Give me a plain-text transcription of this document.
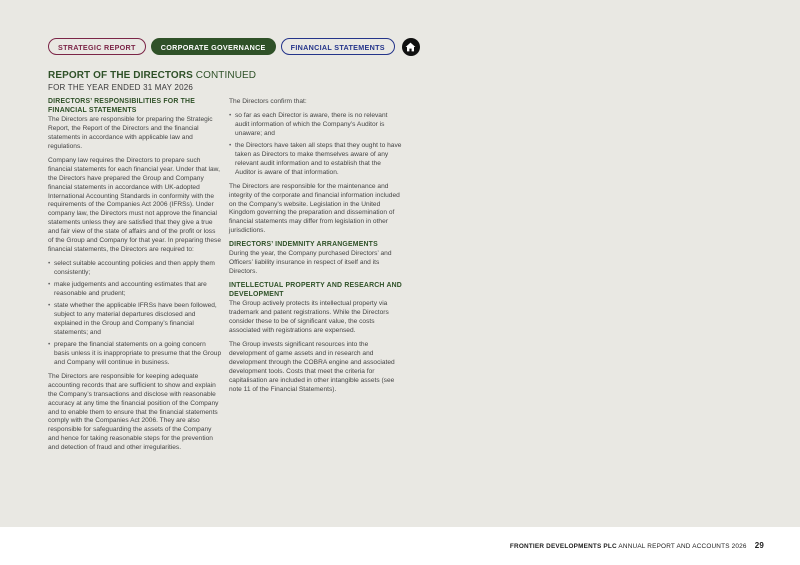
STRATEGIC REPORT	CORPORATE GOVERNANCE	FINANCIAL STATEMENTS
REPORT OF THE DIRECTORS CONTINUED
FOR THE YEAR ENDED 31 MAY 2026
DIRECTORS’ RESPONSIBILITIES FOR THE FINANCIAL STATEMENTS

The Directors are responsible for preparing the Strategic Report, the Report of the Directors and the financial statements in accordance with applicable law and regulations.

Company law requires the Directors to prepare such financial statements for each financial year. Under that law, the Directors have prepared the Group and Company financial statements in accordance with UK-adopted International Accounting Standards in conformity with the requirements of the Companies Act 2006 (IFRSs). Under company law, the Directors must not approve the financial statements unless they are satisfied that they give a true and fair view of the state of affairs and of the profit or loss of the Group and Company for that year. In preparing these financial statements, the Directors are required to:

• select suitable accounting policies and then apply them consistently;
• make judgements and accounting estimates that are reasonable and prudent;
• state whether the applicable IFRSs have been followed, subject to any material departures disclosed and explained in the Group and Company’s financial statements; and
• prepare the financial statements on a going concern basis unless it is inappropriate to presume that the Group and Company will continue in business.

The Directors are responsible for keeping adequate accounting records that are sufficient to show and explain the Company’s transactions and disclose with reasonable accuracy at any time the financial position of the Company and to enable them to ensure that the financial statements comply with the Companies Act 2006. They are also responsible for safeguarding the assets of the Company and hence for taking reasonable steps for the prevention and detection of fraud and other irregularities.

The Directors confirm that:

• so far as each Director is aware, there is no relevant audit information of which the Company’s Auditor is unaware; and
• the Directors have taken all steps that they ought to have taken as Directors to make themselves aware of any relevant audit information and to establish that the Auditor is aware of that information.

The Directors are responsible for the maintenance and integrity of the corporate and financial information included on the Company’s website. Legislation in the United Kingdom governing the preparation and dissemination of financial statements may differ from legislation in other jurisdictions.

DIRECTORS’ INDEMNITY ARRANGEMENTS

During the year, the Company purchased Directors’ and Officers’ liability insurance in respect of itself and its Directors.

INTELLECTUAL PROPERTY AND RESEARCH AND DEVELOPMENT

The Group actively protects its intellectual property via trademark and patent registrations. While the Directors consider these to be of significant value, the costs associated with registrations are expensed.

The Group invests significant resources into the development of game assets and in research and development through the COBRA engine and associated development tools. Costs that meet the criteria for capitalisation are included in other intangible assets (see note 11 of the Financial Statements).

FRONTIER DEVELOPMENTS PLC ANNUAL REPORT AND ACCOUNTS 2026 29
